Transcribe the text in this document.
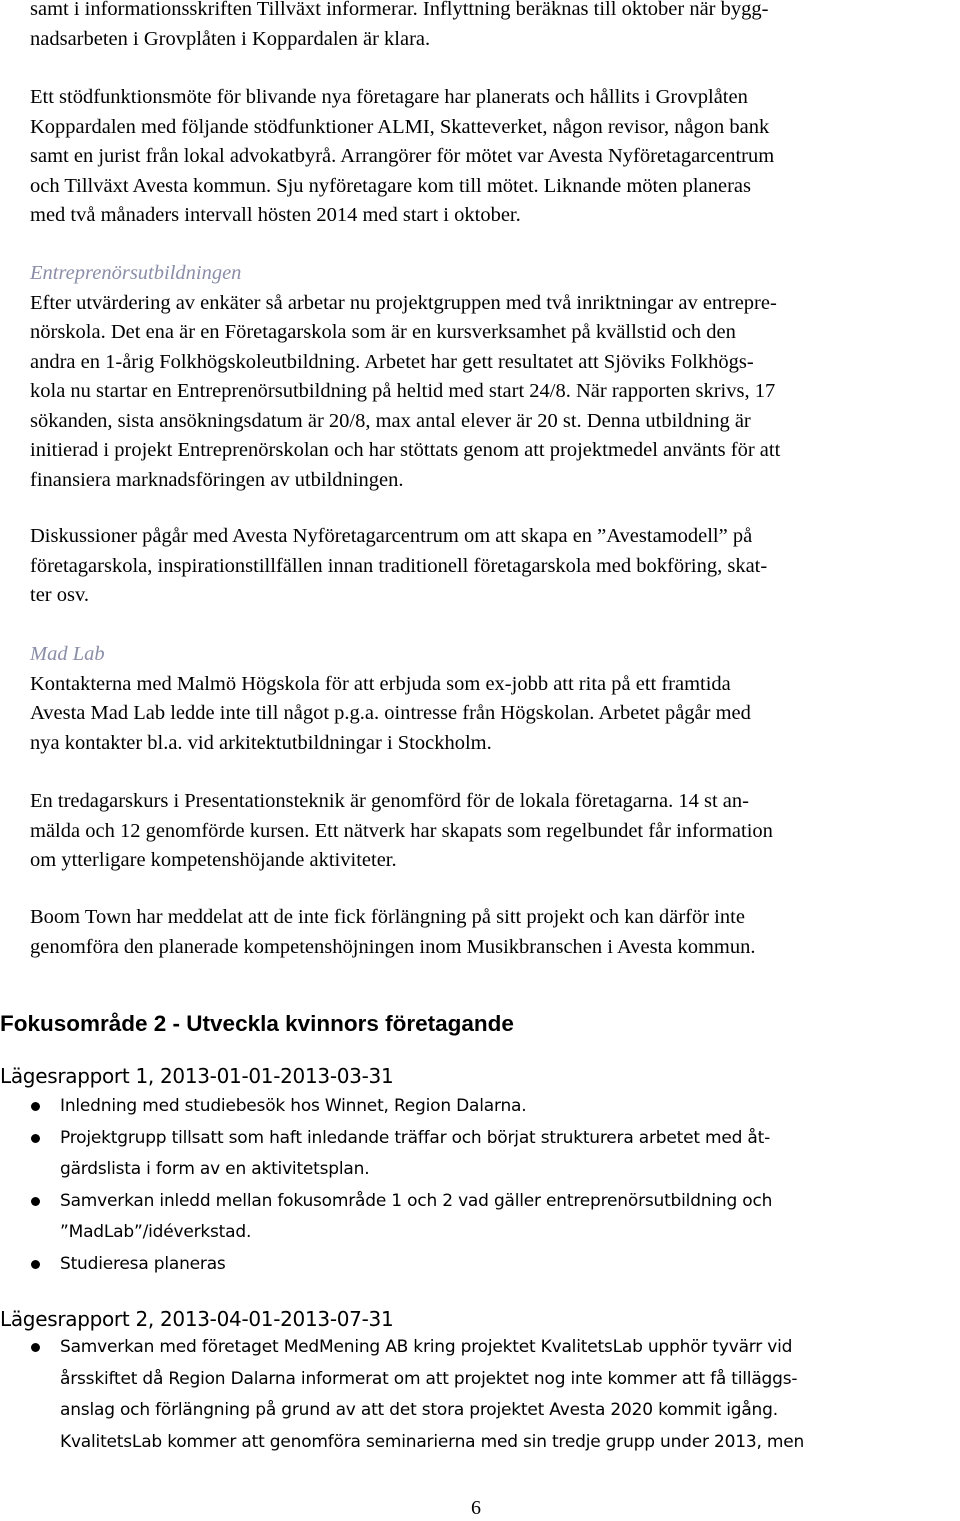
samt i informationsskriften Tillväxt informerar. Inflyttning beräknas till oktober när bygg-
nadsarbeten i Grovplåten i Koppardalen är klara.
Ett stödfunktionsmöte för blivande nya företagare har planerats och hållits i Grovplåten
Koppardalen med följande stödfunktioner ALMI, Skatteverket, någon revisor, någon bank
samt en jurist från lokal advokatbyrå. Arrangörer för mötet var Avesta Nyföretagarcentrum
och Tillväxt Avesta kommun. Sju nyföretagare kom till mötet. Liknande möten planeras
med två månaders intervall hösten 2014 med start i oktober.
Entreprenörsutbildningen
Efter utvärdering av enkäter så arbetar nu projektgruppen med två inriktningar av entrepre-
nörskola. Det ena är en Företagarskola som är en kursverksamhet på kvällstid och den
andra en 1-årig Folkhögskoleutbildning. Arbetet har gett resultatet att Sjöviks Folkhögs-
kola nu startar en Entreprenörsutbildning på heltid med start 24/8. När rapporten skrivs, 17
sökanden, sista ansökningsdatum är 20/8, max antal elever är 20 st. Denna utbildning är
initierad i projekt Entreprenörskolan och har stöttats genom att projektmedel använts för att
finansiera marknadsföringen av utbildningen.
Diskussioner pågår med Avesta Nyföretagarcentrum om att skapa en ”Avestamodell” på
företagarskola, inspirationstillfällen innan traditionell företagarskola med bokföring, skat-
ter osv.
Mad Lab
Kontakterna med Malmö Högskola för att erbjuda som ex-jobb att rita på ett framtida
Avesta Mad Lab ledde inte till något p.g.a. ointresse från Högskolan. Arbetet pågår med
nya kontakter bl.a. vid arkitektutbildningar i Stockholm.
En tredagarskurs i Presentationsteknik är genomförd för de lokala företagarna. 14 st an-
mälda och 12 genomförde kursen. Ett nätverk har skapats som regelbundet får information
om ytterligare kompetenshöjande aktiviteter.
Boom Town har meddelat att de inte fick förlängning på sitt projekt och kan därför inte
genomföra den planerade kompetenshöjningen inom Musikbranschen i Avesta kommun.
Fokusområde 2 - Utveckla kvinnors företagande
Lägesrapport 1, 2013-01-01-2013-03-31
Inledning med studiebesök hos Winnet, Region Dalarna.
Projektgrupp tillsatt som haft inledande träffar och börjat strukturera arbetet med åt-
gärdslista i form av en aktivitetsplan.
Samverkan inledd mellan fokusområde 1 och 2 vad gäller entreprenörsutbildning och
”MadLab”/idéverkstad.
Studieresa planeras
Lägesrapport 2, 2013-04-01-2013-07-31
Samverkan med företaget MedMening AB kring projektet KvalitetsLab upphör tyvärr vid
årsskiftet då Region Dalarna informerat om att projektet nog inte kommer att få tilläggs-
anslag och förlängning på grund av att det stora projektet Avesta 2020 kommit igång.
KvalitetsLab kommer att genomföra seminarierna med sin tredje grupp under 2013, men
6
